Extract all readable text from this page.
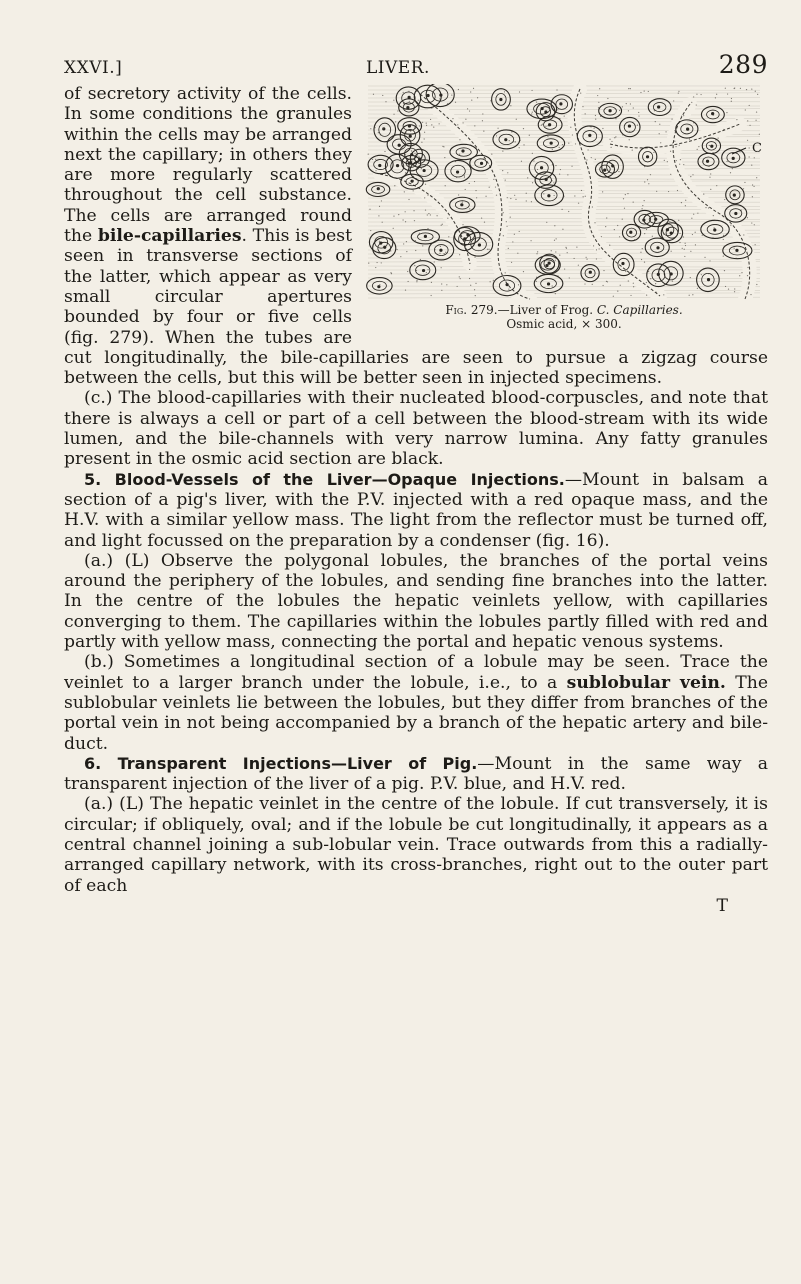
XXVI.]	LIVER.	289
C
Fig. 279.—Liver of Frog. C. Capillaries.
Osmic acid, × 300.

of secretory activity of the cells. In some conditions the granules within the cells may be arranged next the capillary; in others they are more regularly scattered throughout the cell substance. The cells are arranged round the bile-capillaries. This is best seen in transverse sections of the latter, which appear as very small circular apertures bounded by four or five cells (fig. 279). When the tubes are cut longitudinally, the bile-capillaries are seen to pursue a zigzag course between the cells, but this will be better seen in injected specimens.

(c.) The blood-capillaries with their nucleated blood-corpuscles, and note that there is always a cell or part of a cell between the blood-stream with its wide lumen, and the bile-channels with very narrow lumina. Any fatty granules present in the osmic acid section are black.

5. Blood-Vessels of the Liver—Opaque Injections.—Mount in balsam a section of a pig's liver, with the P.V. injected with a red opaque mass, and the H.V. with a similar yellow mass. The light from the reflector must be turned off, and light focussed on the preparation by a condenser (fig. 16).

(a.) (L) Observe the polygonal lobules, the branches of the portal veins around the periphery of the lobules, and sending fine branches into the latter. In the centre of the lobules the hepatic veinlets yellow, with capillaries converging to them. The capillaries within the lobules partly filled with red and partly with yellow mass, connecting the portal and hepatic venous systems.

(b.) Sometimes a longitudinal section of a lobule may be seen. Trace the veinlet to a larger branch under the lobule, i.e., to a sublobular vein. The sublobular veinlets lie between the lobules, but they differ from branches of the portal vein in not being accompanied by a branch of the hepatic artery and bile-duct.

6. Transparent Injections—Liver of Pig.—Mount in the same way a transparent injection of the liver of a pig. P.V. blue, and H.V. red.

(a.) (L) The hepatic veinlet in the centre of the lobule. If cut transversely, it is circular; if obliquely, oval; and if the lobule be cut longitudinally, it appears as a central channel joining a sub-lobular vein. Trace outwards from this a radially-arranged capillary network, with its cross-branches, right out to the outer part of each

T
